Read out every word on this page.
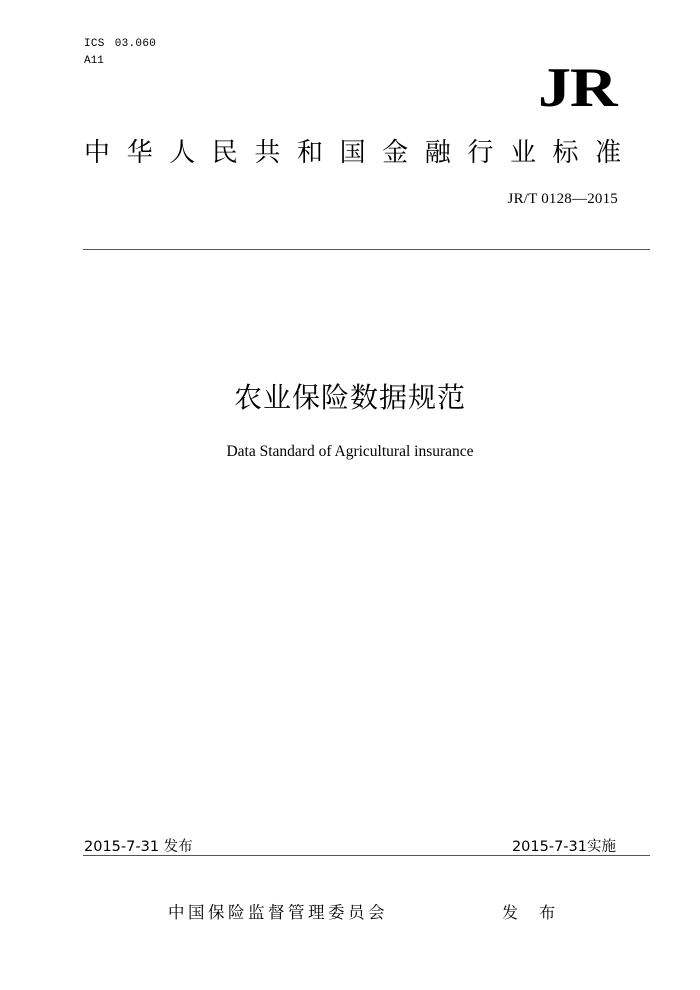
ICS 03.060
A11	JR
中 华 人 民 共 和 国 金 融 行 业 标 准
JR/T 0128—2015
农业保险数据规范
Data Standard of Agricultural insurance
2015-7-31 发布	2015-7-31实施
中国保险监督管理委员会	发 布
